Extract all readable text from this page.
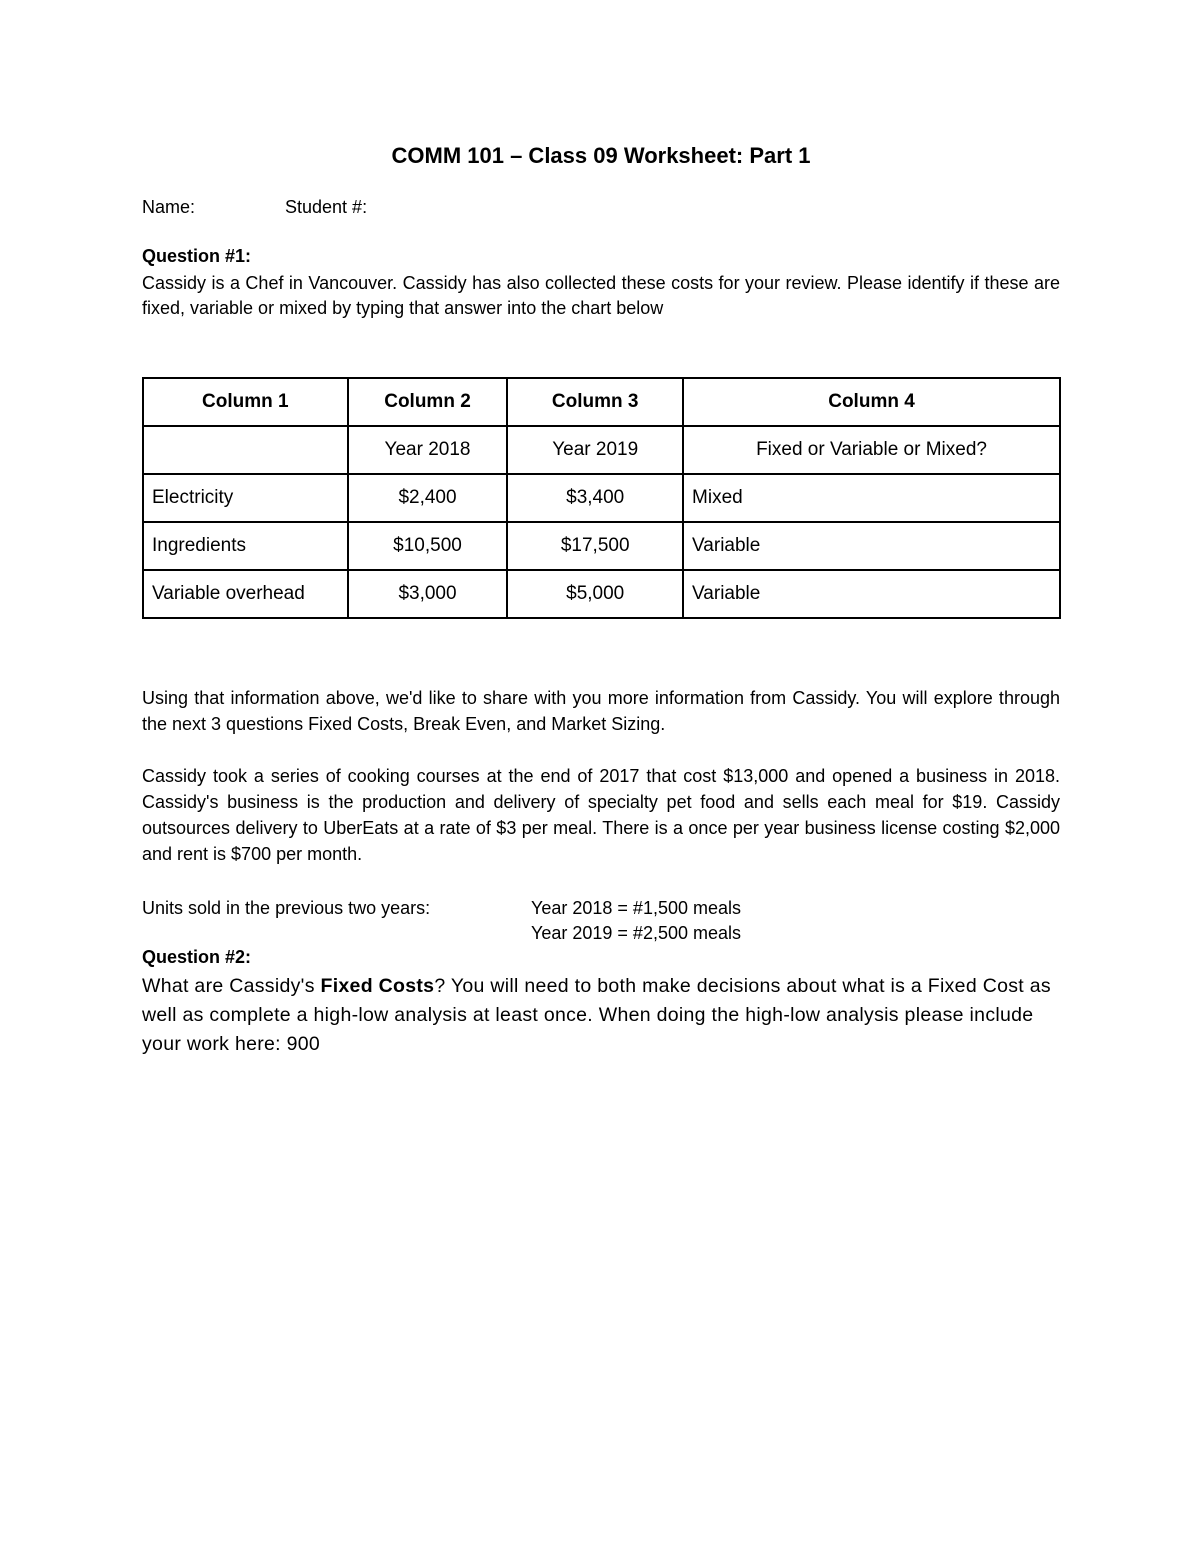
COMM 101 – Class 09 Worksheet: Part 1
Name:	Student #:
Question #1:
Cassidy is a Chef in Vancouver. Cassidy has also collected these costs for your review. Please identify if these are fixed, variable or mixed by typing that answer into the chart below
Column 1	Column 2	Column 3	Column 4
	Year 2018	Year 2019	Fixed or Variable or Mixed?
Electricity	$2,400	$3,400	Mixed
Ingredients	$10,500	$17,500	Variable
Variable overhead	$3,000	$5,000	Variable
Using that information above, we'd like to share with you more information from Cassidy. You will explore through the next 3 questions Fixed Costs, Break Even, and Market Sizing.
Cassidy took a series of cooking courses at the end of 2017 that cost $13,000 and opened a business in 2018. Cassidy's business is the production and delivery of specialty pet food and sells each meal for $19. Cassidy outsources delivery to UberEats at a rate of $3 per meal. There is a once per year business license costing $2,000 and rent is $700 per month.
Units sold in the previous two years:	Year 2018 = #1,500 meals
Year 2019 = #2,500 meals
Question #2:
What are Cassidy's Fixed Costs? You will need to both make decisions about what is a Fixed Cost as well as complete a high-low analysis at least once. When doing the high-low analysis please include your work here: 900
